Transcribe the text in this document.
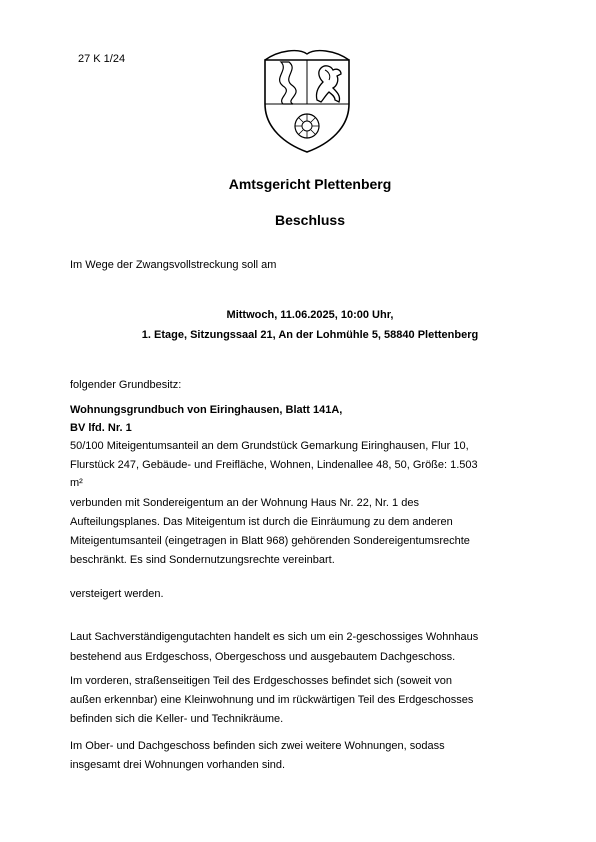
27 K 1/24
Amtsgericht Plettenberg
Beschluss
Im Wege der Zwangsvollstreckung soll am
Mittwoch, 11.06.2025, 10:00 Uhr,
1. Etage, Sitzungssaal 21, An der Lohmühle 5, 58840 Plettenberg
folgender Grundbesitz:
Wohnungsgrundbuch von Eiringhausen, Blatt 141A,
BV lfd. Nr. 1
50/100 Miteigentumsanteil an dem Grundstück Gemarkung Eiringhausen, Flur 10,
Flurstück 247, Gebäude- und Freifläche, Wohnen, Lindenallee 48, 50, Größe: 1.503
m²
verbunden mit Sondereigentum an der Wohnung Haus Nr. 22, Nr. 1 des
Aufteilungsplanes. Das Miteigentum ist durch die Einräumung zu dem anderen
Miteigentumsanteil (eingetragen in Blatt 968) gehörenden Sondereigentumsrechte
beschränkt. Es sind Sondernutzungsrechte vereinbart.
versteigert werden.
Laut Sachverständigengutachten handelt es sich um ein 2-geschossiges Wohnhaus
bestehend aus Erdgeschoss, Obergeschoss und ausgebautem Dachgeschoss.
Im vorderen, straßenseitigen Teil des Erdgeschosses befindet sich (soweit von
außen erkennbar) eine Kleinwohnung und im rückwärtigen Teil des Erdgeschosses
befinden sich die Keller- und Technikräume.
Im Ober- und Dachgeschoss befinden sich zwei weitere Wohnungen, sodass
insgesamt drei Wohnungen vorhanden sind.
